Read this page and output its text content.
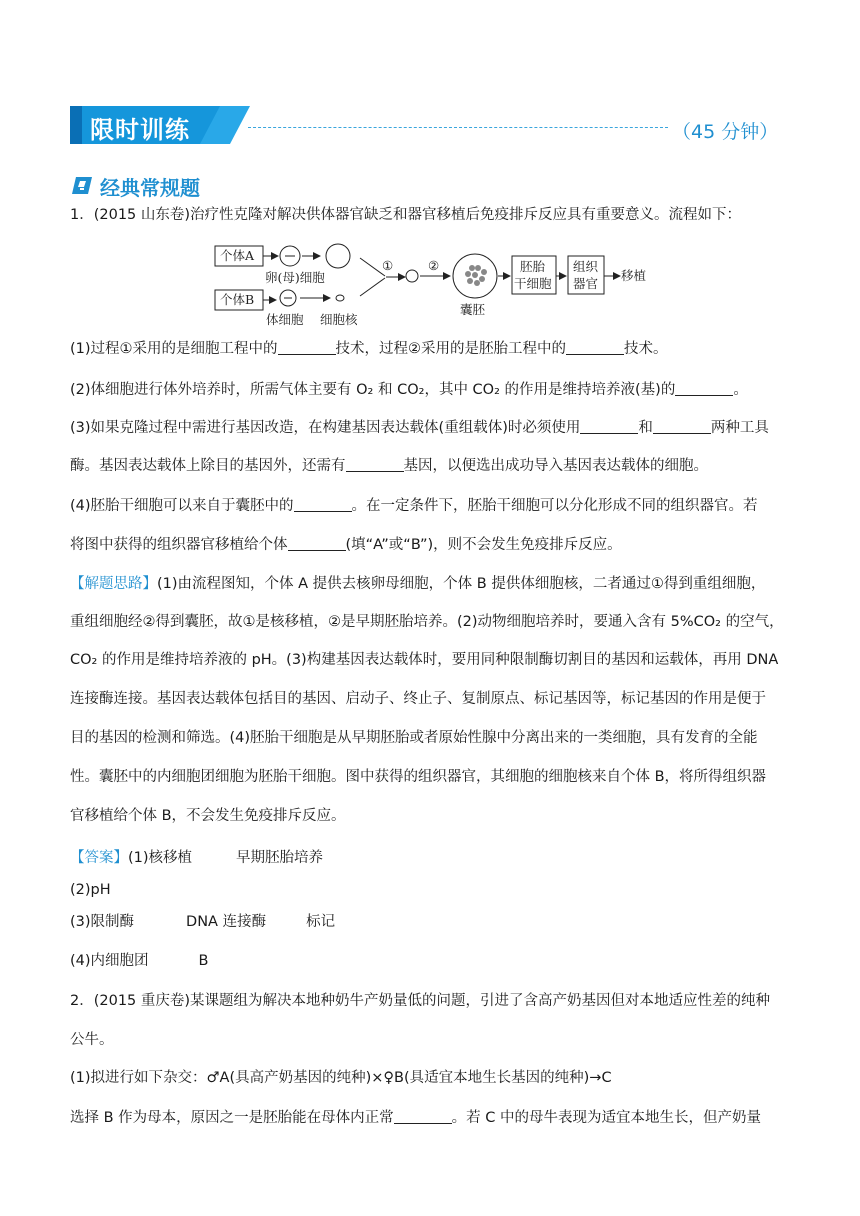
限时训练	（45 分钟）
经典常规题
1．(2015 山东卷)治疗性克隆对解决供体器官缺乏和器官移植后免疫排斥反应具有重要意义。流程如下：
个体A
卵(母)细胞
个体B
体细胞 细胞核
①	②
囊胚
胚胎
干细胞
组织
器官
移植
(1)过程①采用的是细胞工程中的	技术，过程②采用的是胚胎工程中的	技术。
(2)体细胞进行体外培养时，所需气体主要有 O₂ 和 CO₂，其中 CO₂ 的作用是维持培养液(基)的	。
(3)如果克隆过程中需进行基因改造，在构建基因表达载体(重组载体)时必须使用	和	两种工具
酶。基因表达载体上除目的基因外，还需有	基因，以便选出成功导入基因表达载体的细胞。
(4)胚胎干细胞可以来自于囊胚中的	。在一定条件下，胚胎干细胞可以分化形成不同的组织器官。若
将图中获得的组织器官移植给个体	(填“A”或“B”)，则不会发生免疫排斥反应。
【解题思路】(1)由流程图知，个体 A 提供去核卵母细胞，个体 B 提供体细胞核，二者通过①得到重组细胞，
重组细胞经②得到囊胚，故①是核移植，②是早期胚胎培养。(2)动物细胞培养时，要通入含有 5%CO₂ 的空气，
CO₂ 的作用是维持培养液的 pH。(3)构建基因表达载体时，要用同种限制酶切割目的基因和运载体，再用 DNA
连接酶连接。基因表达载体包括目的基因、启动子、终止子、复制原点、标记基因等，标记基因的作用是便于
目的基因的检测和筛选。(4)胚胎干细胞是从早期胚胎或者原始性腺中分离出来的一类细胞，具有发育的全能
性。囊胚中的内细胞团细胞为胚胎干细胞。图中获得的组织器官，其细胞的细胞核来自个体 B，将所得组织器
官移植给个体 B，不会发生免疫排斥反应。
【答案】(1)核移植	早期胚胎培养
(2)pH
(3)限制酶	DNA 连接酶	标记
(4)内细胞团	B
2．(2015 重庆卷)某课题组为解决本地种奶牛产奶量低的问题，引进了含高产奶基因但对本地适应性差的纯种
公牛。
(1)拟进行如下杂交：♂A(具高产奶基因的纯种)×♀B(具适宜本地生长基因的纯种)→C
选择 B 作为母本，原因之一是胚胎能在母体内正常	。若 C 中的母牛表现为适宜本地生长，但产奶量
